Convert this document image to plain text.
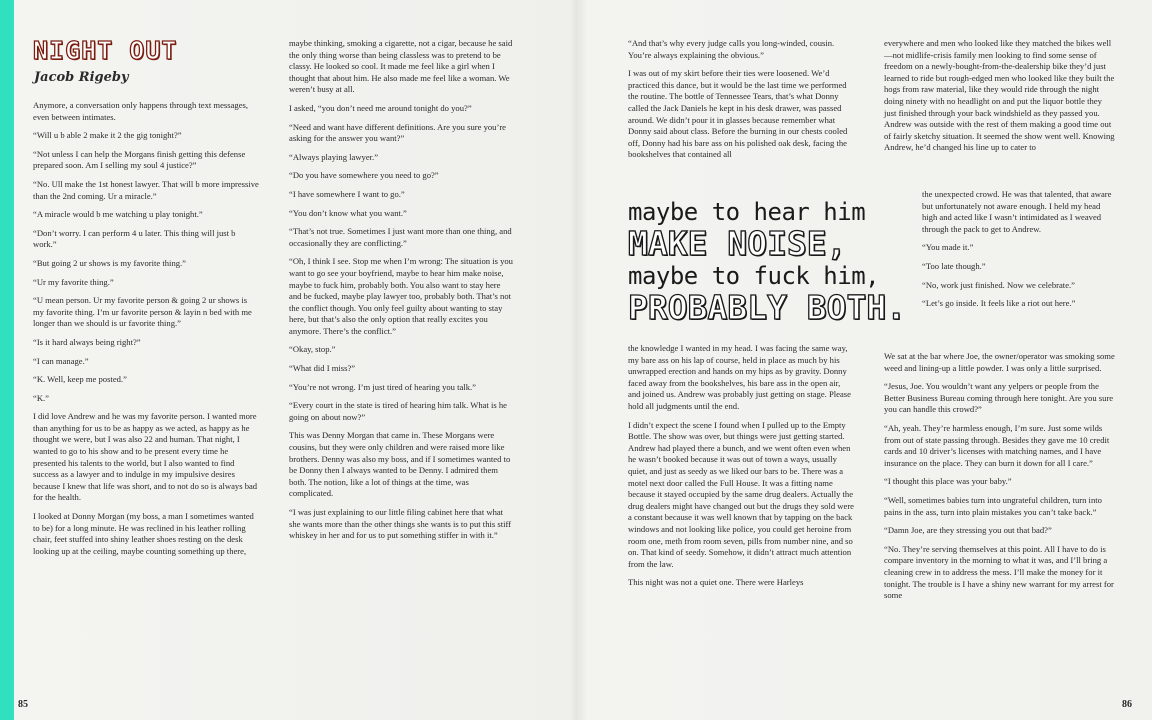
NIGHT OUT
Jacob Rigeby

Anymore, a conversation only happens through text messages, even between intimates.

“Will u b able 2 make it 2 the gig tonight?”

“Not unless I can help the Morgans finish getting this defense prepared soon. Am I selling my soul 4 justice?”

“No. Ull make the 1st honest lawyer. That will b more impressive than the 2nd coming. Ur a miracle.”

“A miracle would b me watching u play tonight.”

“Don’t worry. I can perform 4 u later. This thing will just b work.”

“But going 2 ur shows is my favorite thing.”

“Ur my favorite thing.”

“U mean person. Ur my favorite person & going 2 ur shows is my favorite thing. I’m ur favorite person & layin n bed with me longer than we should is ur favorite thing.”

“Is it hard always being right?”

“I can manage.”

“K. Well, keep me posted.”

“K.”

I did love Andrew and he was my favorite person. I wanted more than anything for us to be as happy as we acted, as happy as he thought we were, but I was also 22 and human. That night, I wanted to go to his show and to be present every time he presented his talents to the world, but I also wanted to find success as a lawyer and to indulge in my impulsive desires because I knew that life was short, and to not do so is always bad for the health.

I looked at Donny Morgan (my boss, a man I sometimes wanted to be) for a long minute. He was reclined in his leather rolling chair, feet stuffed into shiny leather shoes resting on the desk looking up at the ceiling, maybe counting something up there,

maybe thinking, smoking a cigarette, not a cigar, because he said the only thing worse than being classless was to pretend to be classy. He looked so cool. It made me feel like a girl when I thought that about him. He also made me feel like a woman. We weren’t busy at all.

I asked, “you don’t need me around tonight do you?”

“Need and want have different definitions. Are you sure you’re asking for the answer you want?”

“Always playing lawyer.”

“Do you have somewhere you need to go?”

“I have somewhere I want to go.”

“You don’t know what you want.”

“That’s not true. Sometimes I just want more than one thing, and occasionally they are conflicting.”

“Oh, I think I see. Stop me when I’m wrong: The situation is you want to go see your boyfriend, maybe to hear him make noise, maybe to fuck him, probably both. You also want to stay here and be fucked, maybe play lawyer too, probably both. That’s not the conflict though. You only feel guilty about wanting to stay here, but that’s also the only option that really excites you anymore. There’s the conflict.”

“Okay, stop.”

“What did I miss?”

“You’re not wrong. I’m just tired of hearing you talk.”

“Every court in the state is tired of hearing him talk. What is he going on about now?”

This was Denny Morgan that came in. These Morgans were cousins, but they were only children and were raised more like brothers. Denny was also my boss, and if I sometimes wanted to be Donny then I always wanted to be Denny. I admired them both. The notion, like a lot of things at the time, was complicated.

“I was just explaining to our little filing cabinet here that what she wants more than the other things she wants is to put this stiff whiskey in her and for us to put something stiffer in with it.”

“And that’s why every judge calls you long-winded, cousin. You’re always explaining the obvious.”

I was out of my skirt before their ties were loosened. We’d practiced this dance, but it would be the last time we performed the routine. The bottle of Tennessee Tears, that’s what Donny called the Jack Daniels he kept in his desk drawer, was passed around. We didn’t pour it in glasses because remember what Donny said about class. Before the burning in our chests cooled off, Donny had his bare ass on his polished oak desk, facing the bookshelves that contained all

maybe to hear him
MAKE NOISE,
maybe to fuck him,
PROBABLY BOTH.

the knowledge I wanted in my head. I was facing the same way, my bare ass on his lap of course, held in place as much by his unwrapped erection and hands on my hips as by gravity. Donny faced away from the bookshelves, his bare ass in the open air, and joined us. Andrew was probably just getting on stage. Please hold all judgments until the end.

I didn’t expect the scene I found when I pulled up to the Empty Bottle. The show was over, but things were just getting started. Andrew had played there a bunch, and we went often even when he wasn’t booked because it was out of town a ways, usually quiet, and just as seedy as we liked our bars to be. There was a motel next door called the Full House. It was a fitting name because it stayed occupied by the same drug dealers. Actually the drug dealers might have changed out but the drugs they sold were a constant because it was well known that by tapping on the back windows and not looking like police, you could get heroine from room one, meth from room seven, pills from number nine, and so on. That kind of seedy. Somehow, it didn’t attract much attention from the law.

This night was not a quiet one. There were Harleys

everywhere and men who looked like they matched the bikes well—not midlife-crisis family men looking to find some sense of freedom on a newly-bought-from-the-dealership bike they’d just learned to ride but rough-edged men who looked like they built the hogs from raw material, like they would ride through the night doing ninety with no headlight on and put the liquor bottle they just finished through your back windshield as they passed you. Andrew was outside with the rest of them making a good time out of fairly sketchy situation. It seemed the show went well. Knowing Andrew, he’d changed his line up to cater to

the unexpected crowd. He was that talented, that aware but unfortunately not aware enough. I held my head high and acted like I wasn’t intimidated as I weaved through the pack to get to Andrew.

“You made it.”

“Too late though.”

“No, work just finished. Now we celebrate.”

“Let’s go inside. It feels like a riot out here.”

We sat at the bar where Joe, the owner/operator was smoking some weed and lining-up a little powder. I was only a little surprised.

“Jesus, Joe. You wouldn’t want any yelpers or people from the Better Business Bureau coming through here tonight. Are you sure you can handle this crowd?”

“Ah, yeah. They’re harmless enough, I’m sure. Just some wilds from out of state passing through. Besides they gave me 10 credit cards and 10 driver’s licenses with matching names, and I have insurance on the place. They can burn it down for all I care.”

“I thought this place was your baby.”

“Well, sometimes babies turn into ungrateful children, turn into pains in the ass, turn into plain mistakes you can’t take back.”

“Damn Joe, are they stressing you out that bad?”

“No. They’re serving themselves at this point. All I have to do is compare inventory in the morning to what it was, and I’ll bring a cleaning crew in to address the mess. I’ll make the money for it tonight. The trouble is I have a shiny new warrant for my arrest for some

85	86
